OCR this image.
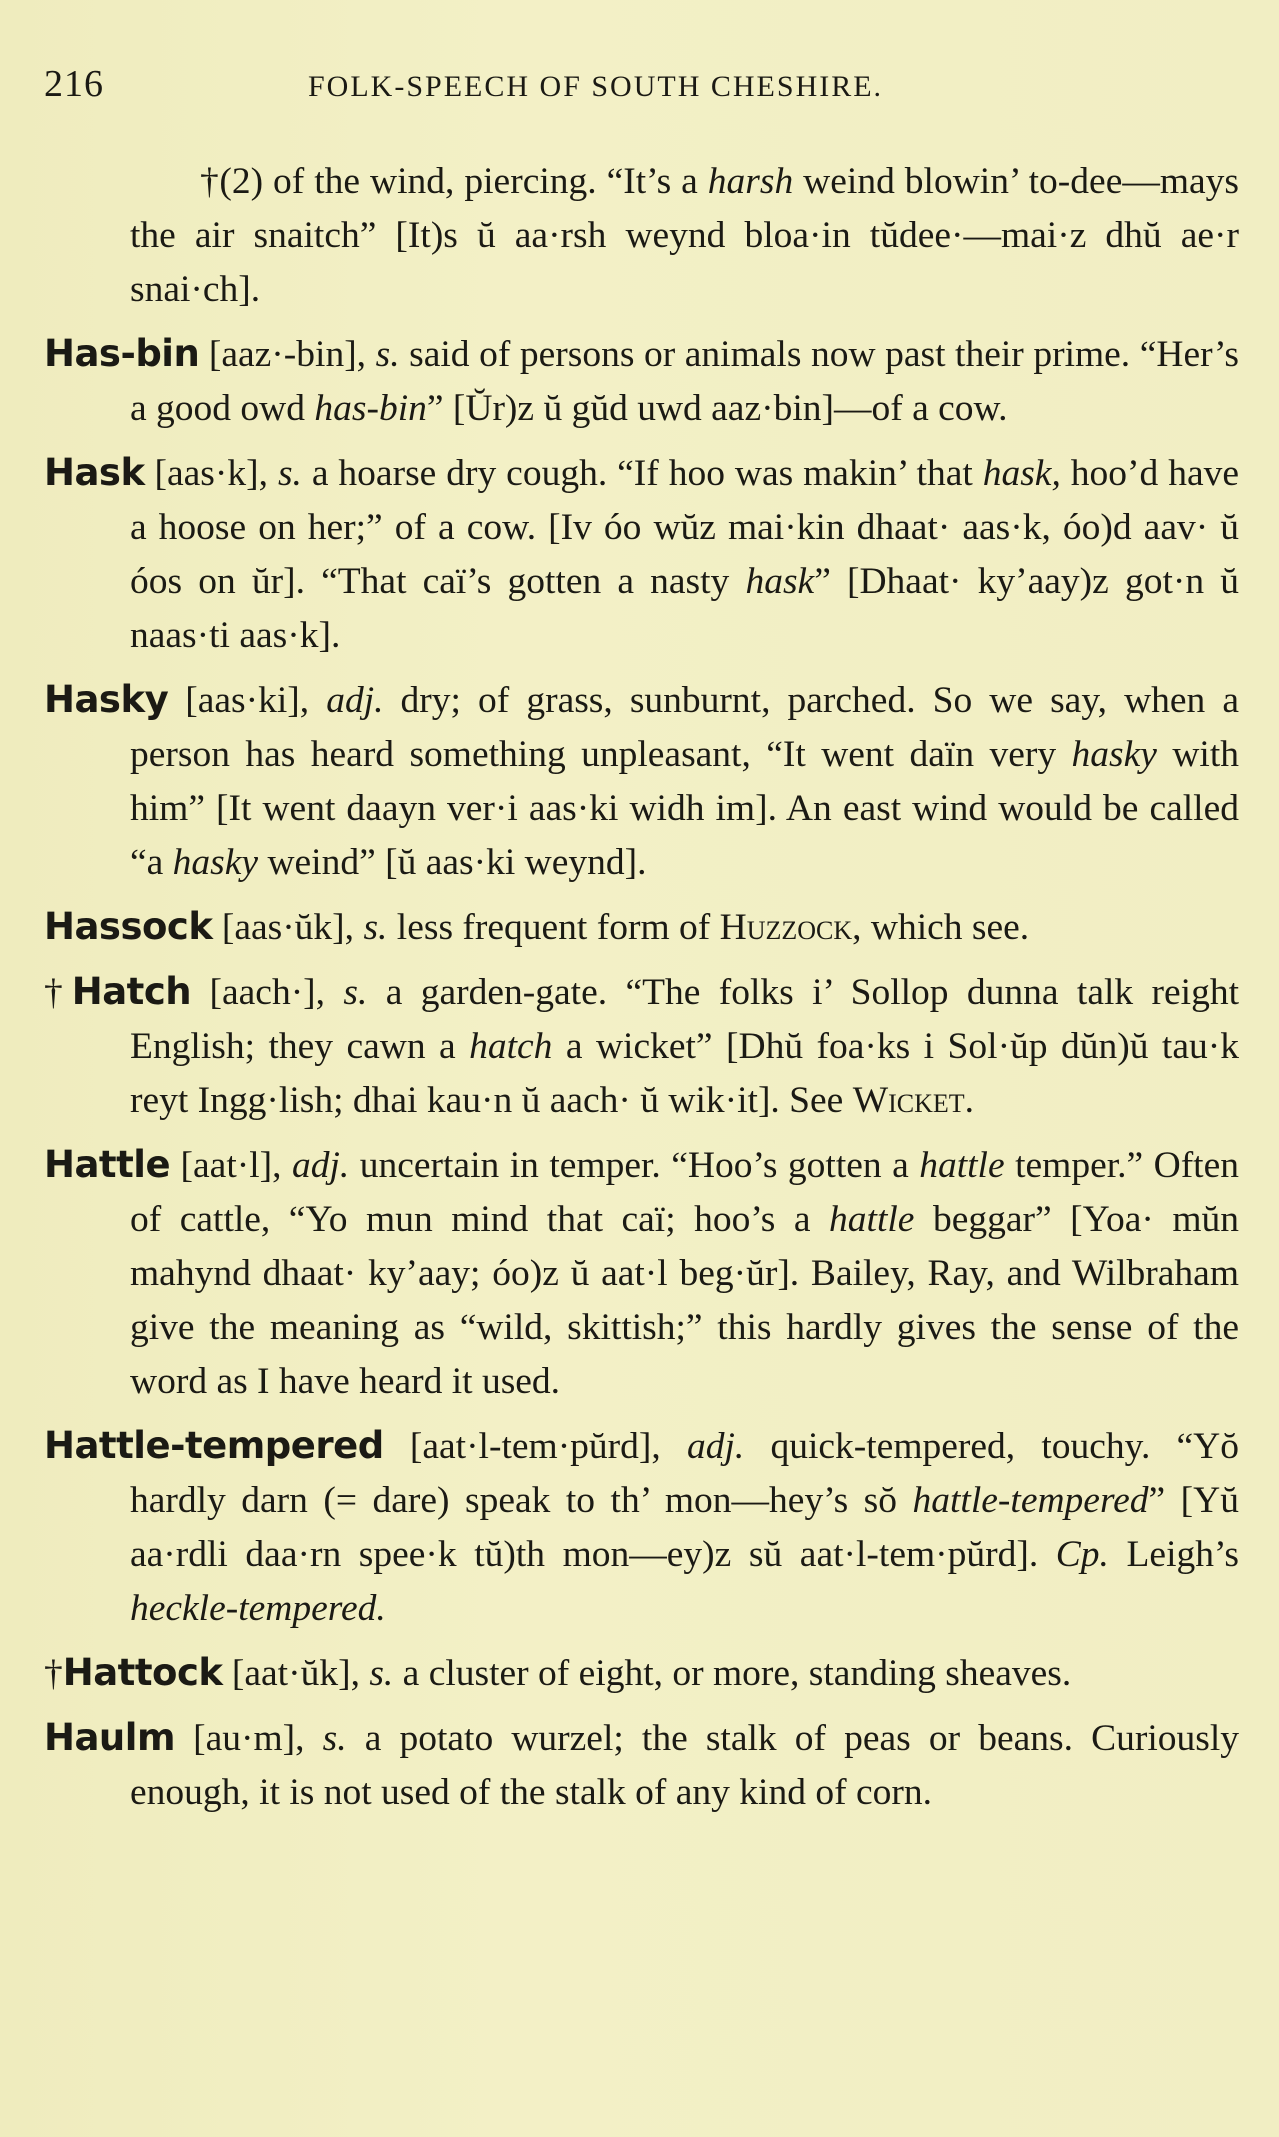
216	FOLK-SPEECH OF SOUTH CHESHIRE.

†(2) of the wind, piercing. “It’s a harsh weind blowin’ to-dee—mays the air snaitch” [It)s ŭ aa·rsh weynd bloa·in tŭdee·—mai·z dhŭ ae·r snai·ch].

Has-bin [aaz·-bin], s. said of persons or animals now past their prime. “Her’s a good owd has-bin” [Ŭr)z ŭ gŭd uwd aaz·bin]—of a cow.

Hask [aas·k], s. a hoarse dry cough. “If hoo was makin’ that hask, hoo’d have a hoose on her;” of a cow. [Iv óo wŭz mai·kin dhaat· aas·k, óo)d aav· ŭ óos on ŭr]. “That caï’s gotten a nasty hask” [Dhaat· ky’aay)z got·n ŭ naas·ti aas·k].

Hasky [aas·ki], adj. dry; of grass, sunburnt, parched. So we say, when a person has heard something unpleasant, “It went daïn very hasky with him” [It went daayn ver·i aas·ki widh im]. An east wind would be called “a hasky weind” [ŭ aas·ki weynd].

Hassock [aas·ŭk], s. less frequent form of Huzzock, which see.

†Hatch [aach·], s. a garden-gate. “The folks i’ Sollop dunna talk reight English; they cawn a hatch a wicket” [Dhŭ foa·ks i Sol·ŭp dŭn)ŭ tau·k reyt Ingg·lish; dhai kau·n ŭ aach· ŭ wik·it]. See Wicket.

Hattle [aat·l], adj. uncertain in temper. “Hoo’s gotten a hattle temper.” Often of cattle, “Yo mun mind that caï; hoo’s a hattle beggar” [Yoa· mŭn mahynd dhaat· ky’aay; óo)z ŭ aat·l beg·ŭr]. Bailey, Ray, and Wilbraham give the meaning as “wild, skittish;” this hardly gives the sense of the word as I have heard it used.

Hattle-tempered [aat·l-tem·pŭrd], adj. quick-tempered, touchy. “Yŏ hardly darn (= dare) speak to th’ mon—hey’s sŏ hattle-tempered” [Yŭ aa·rdli daa·rn spee·k tŭ)th mon—ey)z sŭ aat·l-tem·pŭrd]. Cp. Leigh’s heckle-tempered.

†Hattock [aat·ŭk], s. a cluster of eight, or more, standing sheaves.

Haulm [au·m], s. a potato wurzel; the stalk of peas or beans. Curiously enough, it is not used of the stalk of any kind of corn.
